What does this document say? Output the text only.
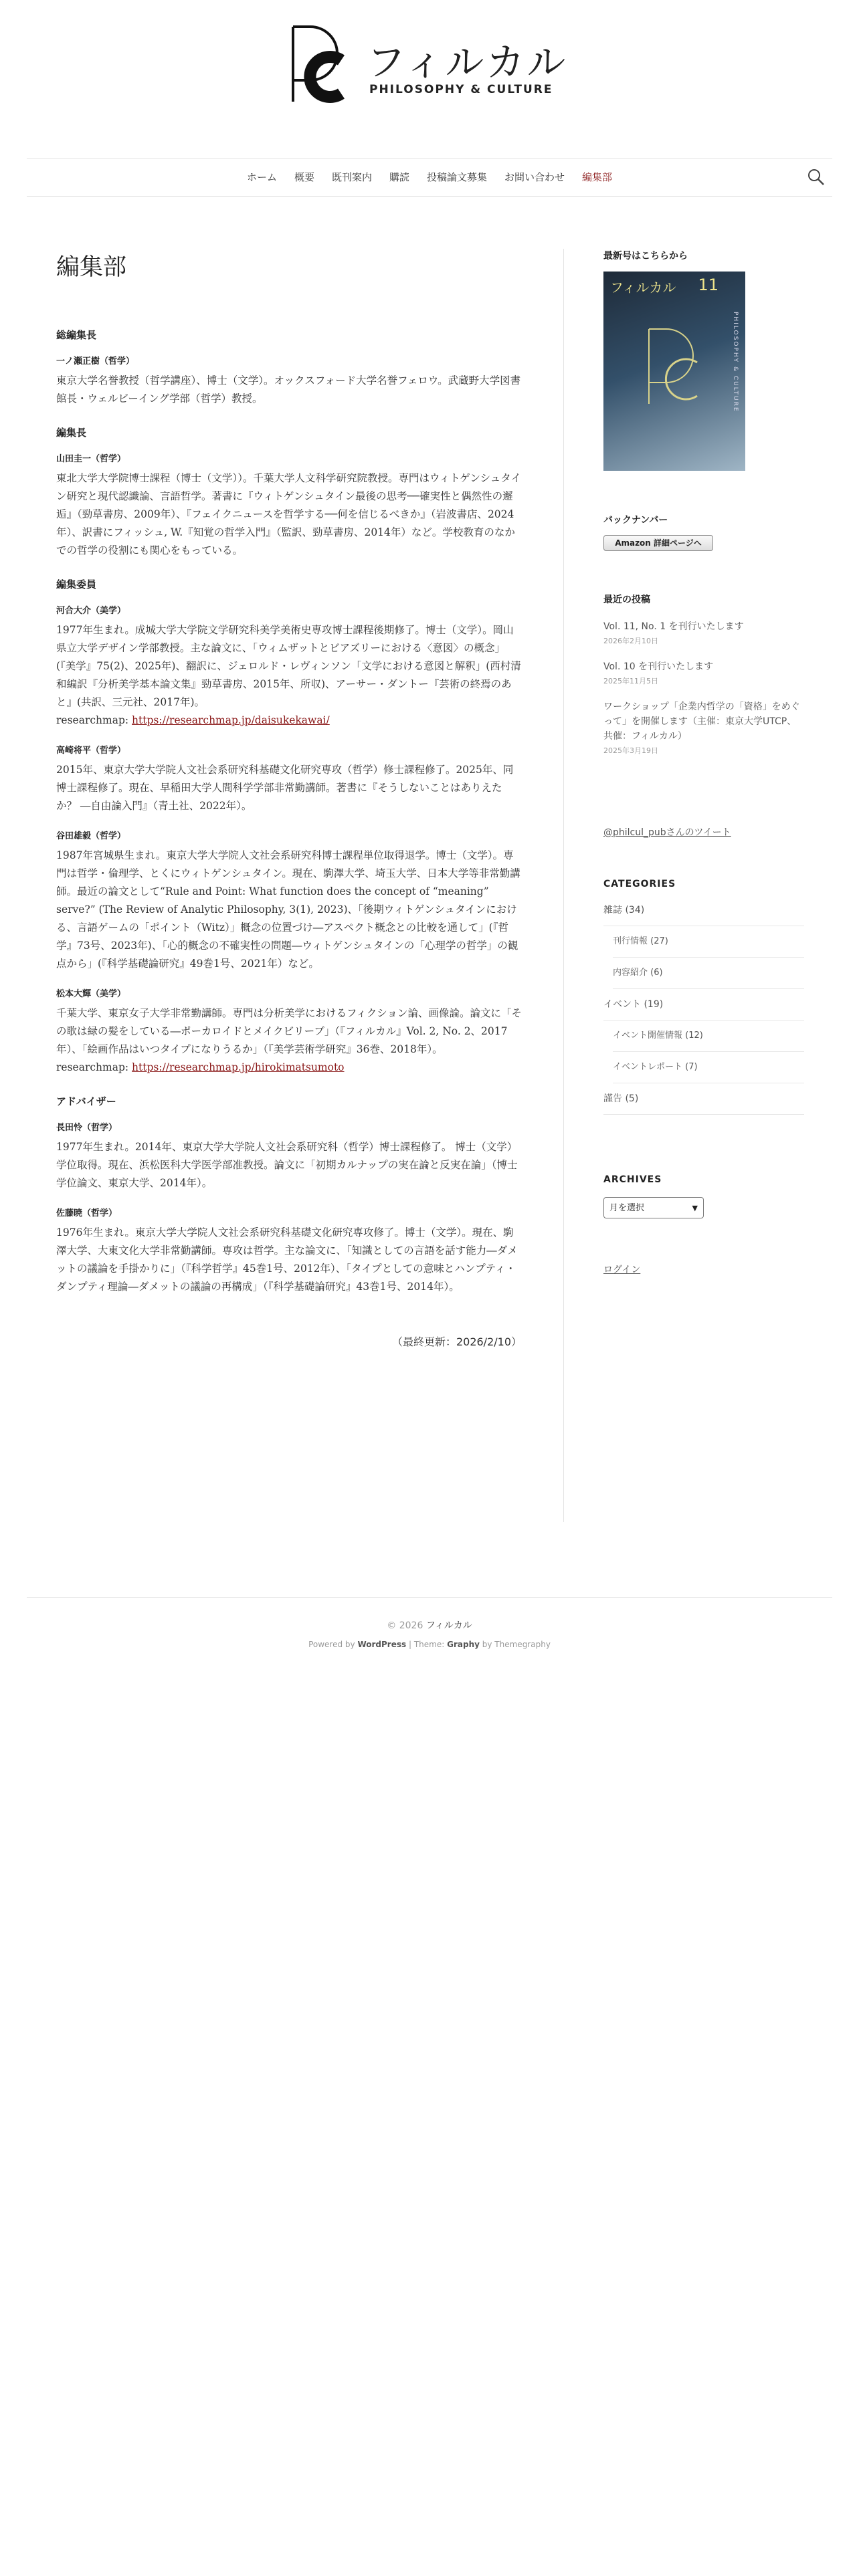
フィルカル
PHILOSOPHY & CULTURE
ホーム 概要 既刊案内 購読 投稿論文募集 お問い合わせ 編集部
編集部

総編集長

一ノ瀬正樹（哲学）

東京大学名誉教授（哲学講座）、博士（文学）。オックスフォード大学名誉フェロウ。武蔵野大学図書館長・ウェルビーイング学部（哲学）教授。

編集長

山田圭一（哲学）

東北大学大学院博士課程（博士（文学））。千葉大学人文科学研究院教授。専門はウィトゲンシュタイン研究と現代認識論、言語哲学。著書に『ウィトゲンシュタイン最後の思考──確実性と偶然性の邂逅』（勁草書房、2009年）、『フェイクニュースを哲学する──何を信じるべきか』（岩波書店、2024年）、訳書にフィッシュ, W.『知覚の哲学入門』（監訳、勁草書房、2014年）など。学校教育のなかでの哲学の役割にも関心をもっている。

編集委員

河合大介（美学）

1977年生まれ。成城大学大学院文学研究科美学美術史専攻博士課程後期修了。博士（文学）。岡山県立大学デザイン学部教授。主な論文に、「ウィムザットとビアズリーにおける〈意図〉の概念」(『美学』75(2)、2025年)、翻訳に、ジェロルド・レヴィンソン「文学における意図と解釈」(西村清和編訳『分析美学基本論文集』勁草書房、2015年、所収)、アーサー・ダントー『芸術の終焉のあと』(共訳、三元社、2017年)。
researchmap: https://researchmap.jp/daisukekawai/

高崎将平（哲学）

2015年、東京大学大学院人文社会系研究科基礎文化研究専攻（哲学）修士課程修了。2025年、同博士課程修了。現在、早稲田大学人間科学学部非常勤講師。著書に『そうしないことはありえたか？ ―自由論入門』（青土社、2022年）。

谷田雄毅（哲学）

1987年宮城県生まれ。東京大学大学院人文社会系研究科博士課程単位取得退学。博士（文学）。専門は哲学・倫理学、とくにウィトゲンシュタイン。現在、駒澤大学、埼玉大学、日本大学等非常勤講師。最近の論文として“Rule and Point: What function does the concept of “meaning” serve?” (The Review of Analytic Philosophy, 3(1), 2023)、「後期ウィトゲンシュタインにおける、言語ゲームの「ポイント（Witz）」概念の位置づけ―アスペクト概念との比較を通して」(『哲学』73号、2023年)、「心的概念の不確実性の問題―ウィトゲンシュタインの「心理学の哲学」の観点から」(『科学基礎論研究』49巻1号、2021年）など。

松本大輝（美学）

千葉大学、東京女子大学非常勤講師。専門は分析美学におけるフィクション論、画像論。論文に「その歌は緑の髪をしている―ポーカロイドとメイクビリーブ」（『フィルカル』Vol. 2, No. 2、2017年）、「絵画作品はいつタイプになりうるか」（『美学芸術学研究』36巻、2018年）。
researchmap: https://researchmap.jp/hirokimatsumoto

アドバイザー

長田怜（哲学）

1977年生まれ。2014年、東京大学大学院人文社会系研究科（哲学）博士課程修了。 博士（文学）学位取得。現在、浜松医科大学医学部准教授。論文に「初期カルナップの実在論と反実在論」（博士学位論文、東京大学、2014年）。

佐藤暁（哲学）

1976年生まれ。東京大学大学院人文社会系研究科基礎文化研究専攻修了。博士（文学）。現在、駒澤大学、大東文化大学非常勤講師。専攻は哲学。主な論文に、「知識としての言語を話す能力―ダメットの議論を手掛かりに」（『科学哲学』45巻1号、2012年）、「タイプとしての意味とハンプティ・ダンプティ理論―ダメットの議論の再構成」（『科学基礎論研究』43巻1号、2014年）。

（最終更新：2026/2/10）

最新号はこちらから

フィルカル 11
PHILOSOPHY & CULTURE

バックナンバー

Amazon 詳細ページへ

最近の投稿

Vol. 11, No. 1 を刊行いたします

2026年2月10日

Vol. 10 を刊行いたします

2025年11月5日

ワークショップ「企業内哲学の「資格」をめぐって」を開催します（主催：東京大学UTCP、共催：フィルカル）

2025年3月19日

@philcul_pubさんのツイート

CATEGORIES

雑誌 (34)
刊行情報 (27)
内容紹介 (6)
イベント (19)
イベント開催情報 (12)
イベントレポート (7)
謹告 (5)

ARCHIVES

月を選択	▼
ログイン
© 2026 フィルカル
Powered by WordPress | Theme: Graphy by Themegraphy
